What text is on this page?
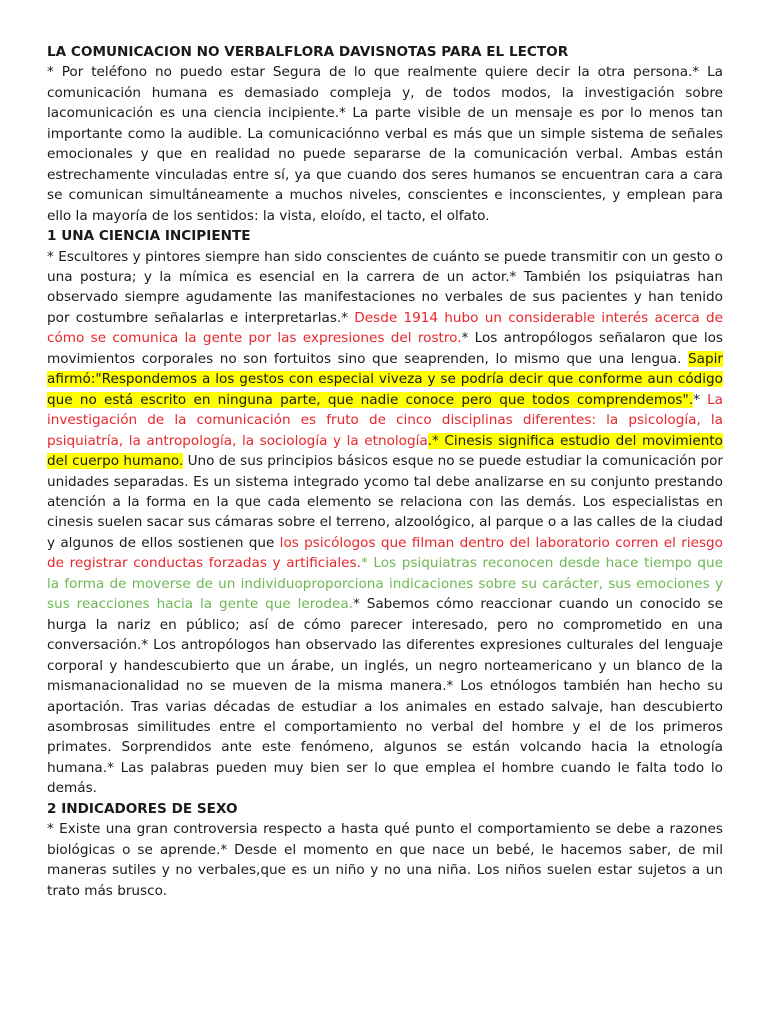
LA COMUNICACION NO VERBALFLORA DAVISNOTAS PARA EL LECTOR

* Por teléfono no puedo estar Segura de lo que realmente quiere decir la otra persona.* La comunicación humana es demasiado compleja y, de todos modos, la investigación sobre lacomunicación es una ciencia incipiente.* La parte visible de un mensaje es por lo menos tan importante como la audible. La comunicaciónno verbal es más que un simple sistema de señales emocionales y que en realidad no puede separarse de la comunicación verbal. Ambas están estrechamente vinculadas entre sí, ya que cuando dos seres humanos se encuentran cara a cara se comunican simultáneamente a muchos niveles, conscientes e inconscientes, y emplean para ello la mayoría de los sentidos: la vista, eloído, el tacto, el olfato.

1 UNA CIENCIA INCIPIENTE

* Escultores y pintores siempre han sido conscientes de cuánto se puede transmitir con un gesto o una postura; y la mímica es esencial en la carrera de un actor.* También los psiquiatras han observado siempre agudamente las manifestaciones no verbales de sus pacientes y han tenido por costumbre señalarlas e interpretarlas.* Desde 1914 hubo un considerable interés acerca de cómo se comunica la gente por las expresiones del rostro.* Los antropólogos señalaron que los movimientos corporales no son fortuitos sino que seaprenden, lo mismo que una lengua. Sapir afirmó:"Respondemos a los gestos con especial viveza y se podría decir que conforme aun código que no está escrito en ninguna parte, que nadie conoce pero que todos comprendemos".* La investigación de la comunicación es fruto de cinco disciplinas diferentes: la psicología, la psiquiatría, la antropología, la sociología y la etnología.* Cinesis significa estudio del movimiento del cuerpo humano. Uno de sus principios básicos esque no se puede estudiar la comunicación por unidades separadas. Es un sistema integrado ycomo tal debe analizarse en su conjunto prestando atención a la forma en la que cada elemento se relaciona con las demás. Los especialistas en cinesis suelen sacar sus cámaras sobre el terreno, alzoológico, al parque o a las calles de la ciudad y algunos de ellos sostienen que los psicólogos que filman dentro del laboratorio corren el riesgo de registrar conductas forzadas y artificiales.* Los psiquiatras reconocen desde hace tiempo que la forma de moverse de un individuoproporciona indicaciones sobre su carácter, sus emociones y sus reacciones hacia la gente que lerodea.* Sabemos cómo reaccionar cuando un conocido se hurga la nariz en público; así de cómo parecer interesado, pero no comprometido en una conversación.* Los antropólogos han observado las diferentes expresiones culturales del lenguaje corporal y handescubierto que un árabe, un inglés, un negro norteamericano y un blanco de la mismanacionalidad no se mueven de la misma manera.* Los etnólogos también han hecho su aportación. Tras varias décadas de estudiar a los animales en estado salvaje, han descubierto asombrosas similitudes entre el comportamiento no verbal del hombre y el de los primeros primates. Sorprendidos ante este fenómeno, algunos se están volcando hacia la etnología humana.* Las palabras pueden muy bien ser lo que emplea el hombre cuando le falta todo lo demás.

2 INDICADORES DE SEXO

* Existe una gran controversia respecto a hasta qué punto el comportamiento se debe a razones biológicas o se aprende.* Desde el momento en que nace un bebé, le hacemos saber, de mil maneras sutiles y no verbales,que es un niño y no una niña. Los niños suelen estar sujetos a un trato más brusco.
